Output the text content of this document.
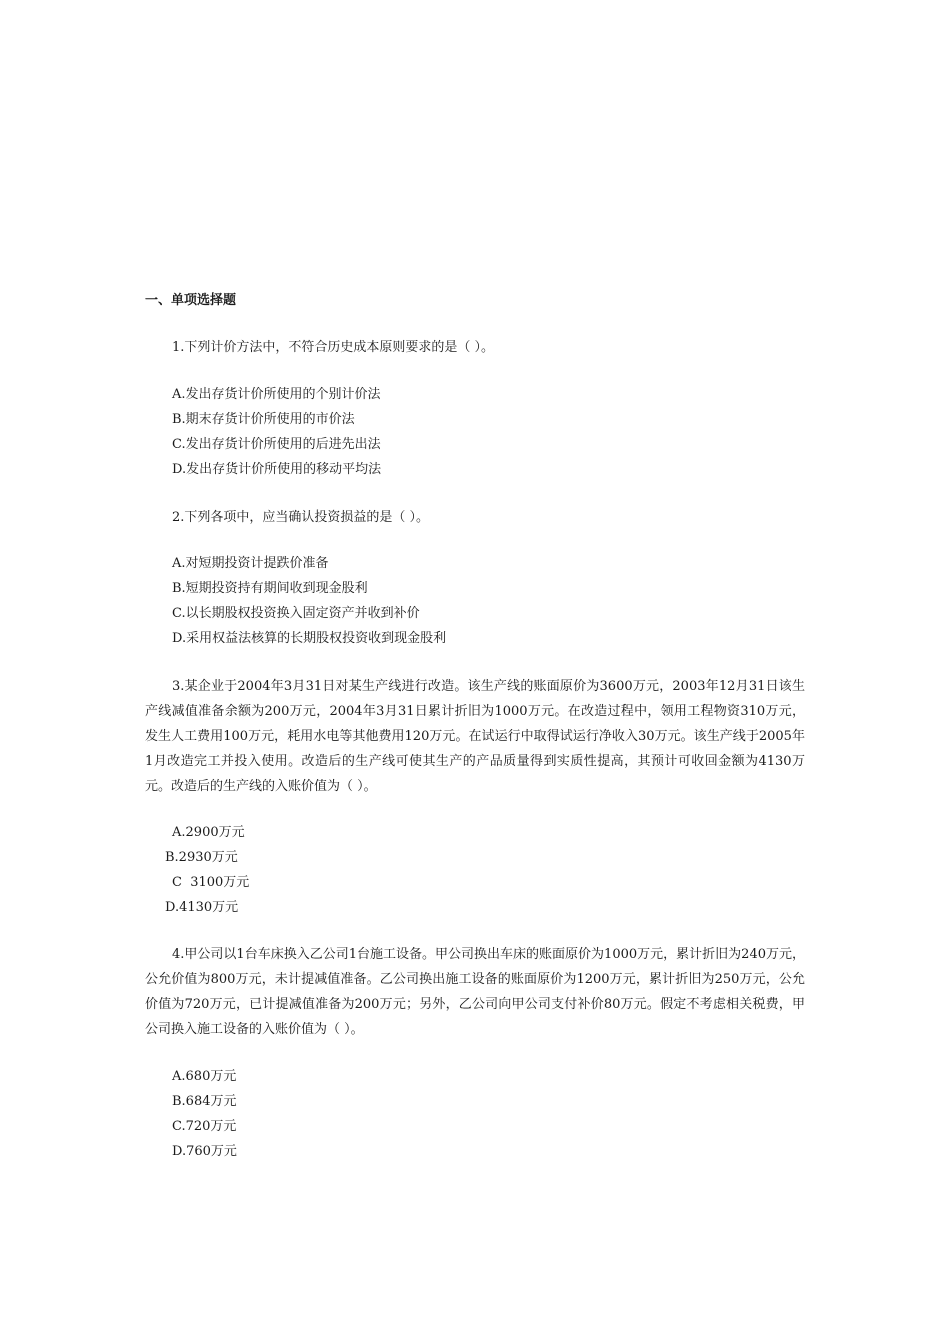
一、单项选择题

1.下列计价方法中，不符合历史成本原则要求的是（ ）。

A.发出存货计价所使用的个别计价法
B.期末存货计价所使用的市价法
C.发出存货计价所使用的后进先出法
D.发出存货计价所使用的移动平均法

2.下列各项中，应当确认投资损益的是（ ）。

A.对短期投资计提跌价准备
B.短期投资持有期间收到现金股利
C.以长期股权投资换入固定资产并收到补价
D.采用权益法核算的长期股权投资收到现金股利

3.某企业于2004年3月31日对某生产线进行改造。该生产线的账面原价为3600万元，2003年12月31日该生产线减值准备余额为200万元，2004年3月31日累计折旧为1000万元。在改造过程中，领用工程物资310万元，发生人工费用100万元，耗用水电等其他费用120万元。在试运行中取得试运行净收入30万元。该生产线于2005年1月改造完工并投入使用。改造后的生产线可使其生产的产品质量得到实质性提高，其预计可收回金额为4130万元。改造后的生产线的入账价值为（ ）。

A.2900万元
B.2930万元
C  3100万元
D.4130万元

4.甲公司以1台车床换入乙公司1台施工设备。甲公司换出车床的账面原价为1000万元，累计折旧为240万元，公允价值为800万元，未计提减值准备。乙公司换出施工设备的账面原价为1200万元，累计折旧为250万元，公允价值为720万元，已计提减值准备为200万元；另外，乙公司向甲公司支付补价80万元。假定不考虑相关税费，甲公司换入施工设备的入账价值为（ ）。

A.680万元
B.684万元
C.720万元
D.760万元
